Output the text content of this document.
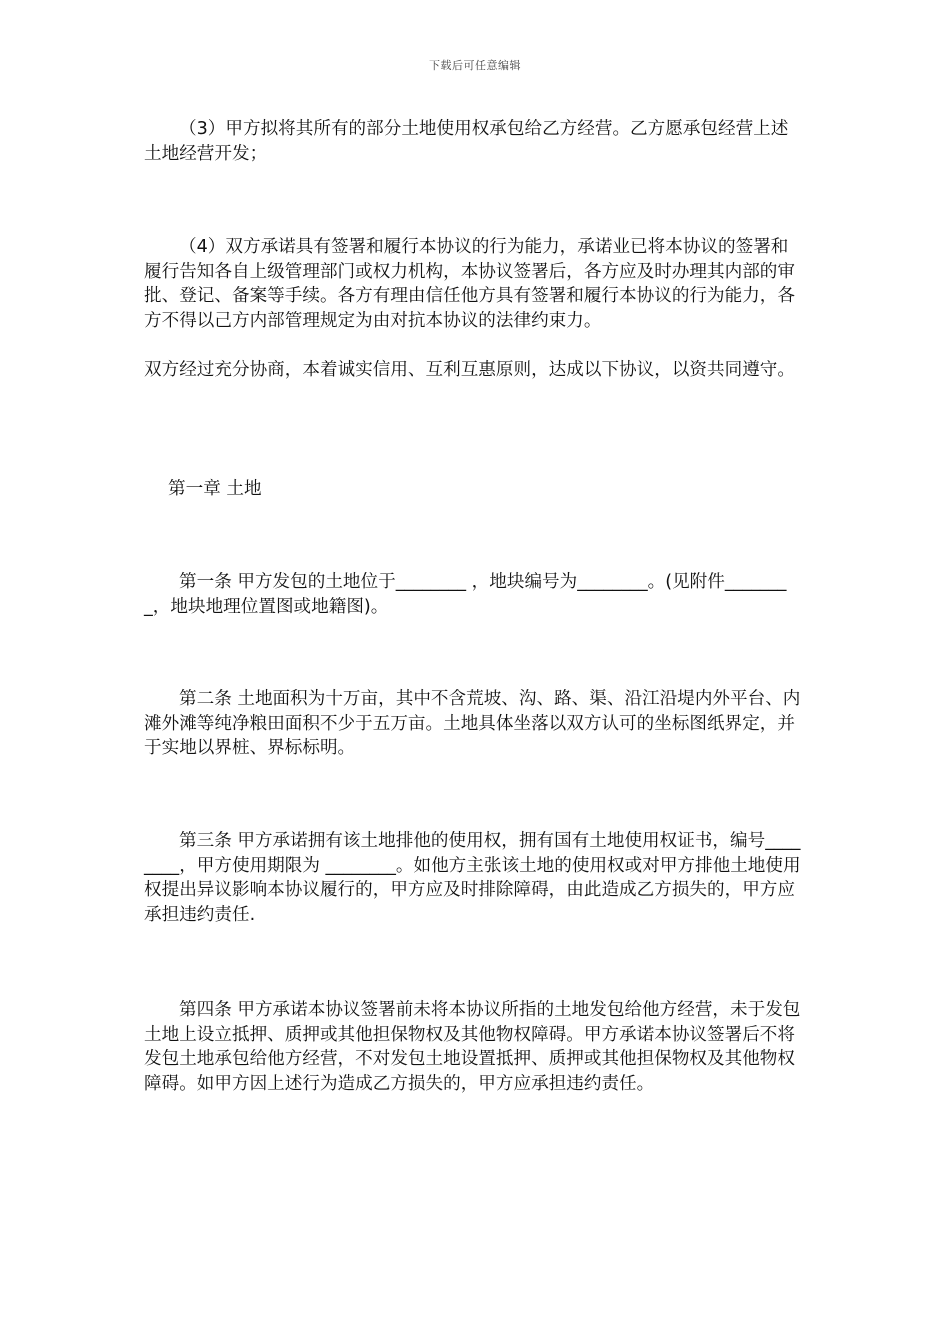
下载后可任意编辑

（3）甲方拟将其所有的部分土地使用权承包给乙方经营。乙方愿承包经营上述土地经营开发；

（4）双方承诺具有签署和履行本协议的行为能力，承诺业已将本协议的签署和履行告知各自上级管理部门或权力机构，本协议签署后，各方应及时办理其内部的审批、登记、备案等手续。各方有理由信任他方具有签署和履行本协议的行为能力，各方不得以己方内部管理规定为由对抗本协议的法律约束力。

双方经过充分协商，本着诚实信用、互利互惠原则，达成以下协议，以资共同遵守。

第一章 土地

第一条 甲方发包的土地位于________ ，地块编号为________。(见附件________，地块地理位置图或地籍图)。

第二条 土地面积为十万亩，其中不含荒坡、沟、路、渠、沿江沿堤内外平台、内滩外滩等纯净粮田面积不少于五万亩。土地具体坐落以双方认可的坐标图纸界定，并于实地以界桩、界标标明。

第三条 甲方承诺拥有该土地排他的使用权，拥有国有土地使用权证书，编号________，甲方使用期限为 ________。如他方主张该土地的使用权或对甲方排他土地使用权提出异议影响本协议履行的，甲方应及时排除障碍，由此造成乙方损失的，甲方应承担违约责任.

第四条 甲方承诺本协议签署前未将本协议所指的土地发包给他方经营，未于发包土地上设立抵押、质押或其他担保物权及其他物权障碍。甲方承诺本协议签署后不将发包土地承包给他方经营，不对发包土地设置抵押、质押或其他担保物权及其他物权障碍。如甲方因上述行为造成乙方损失的，甲方应承担违约责任。
